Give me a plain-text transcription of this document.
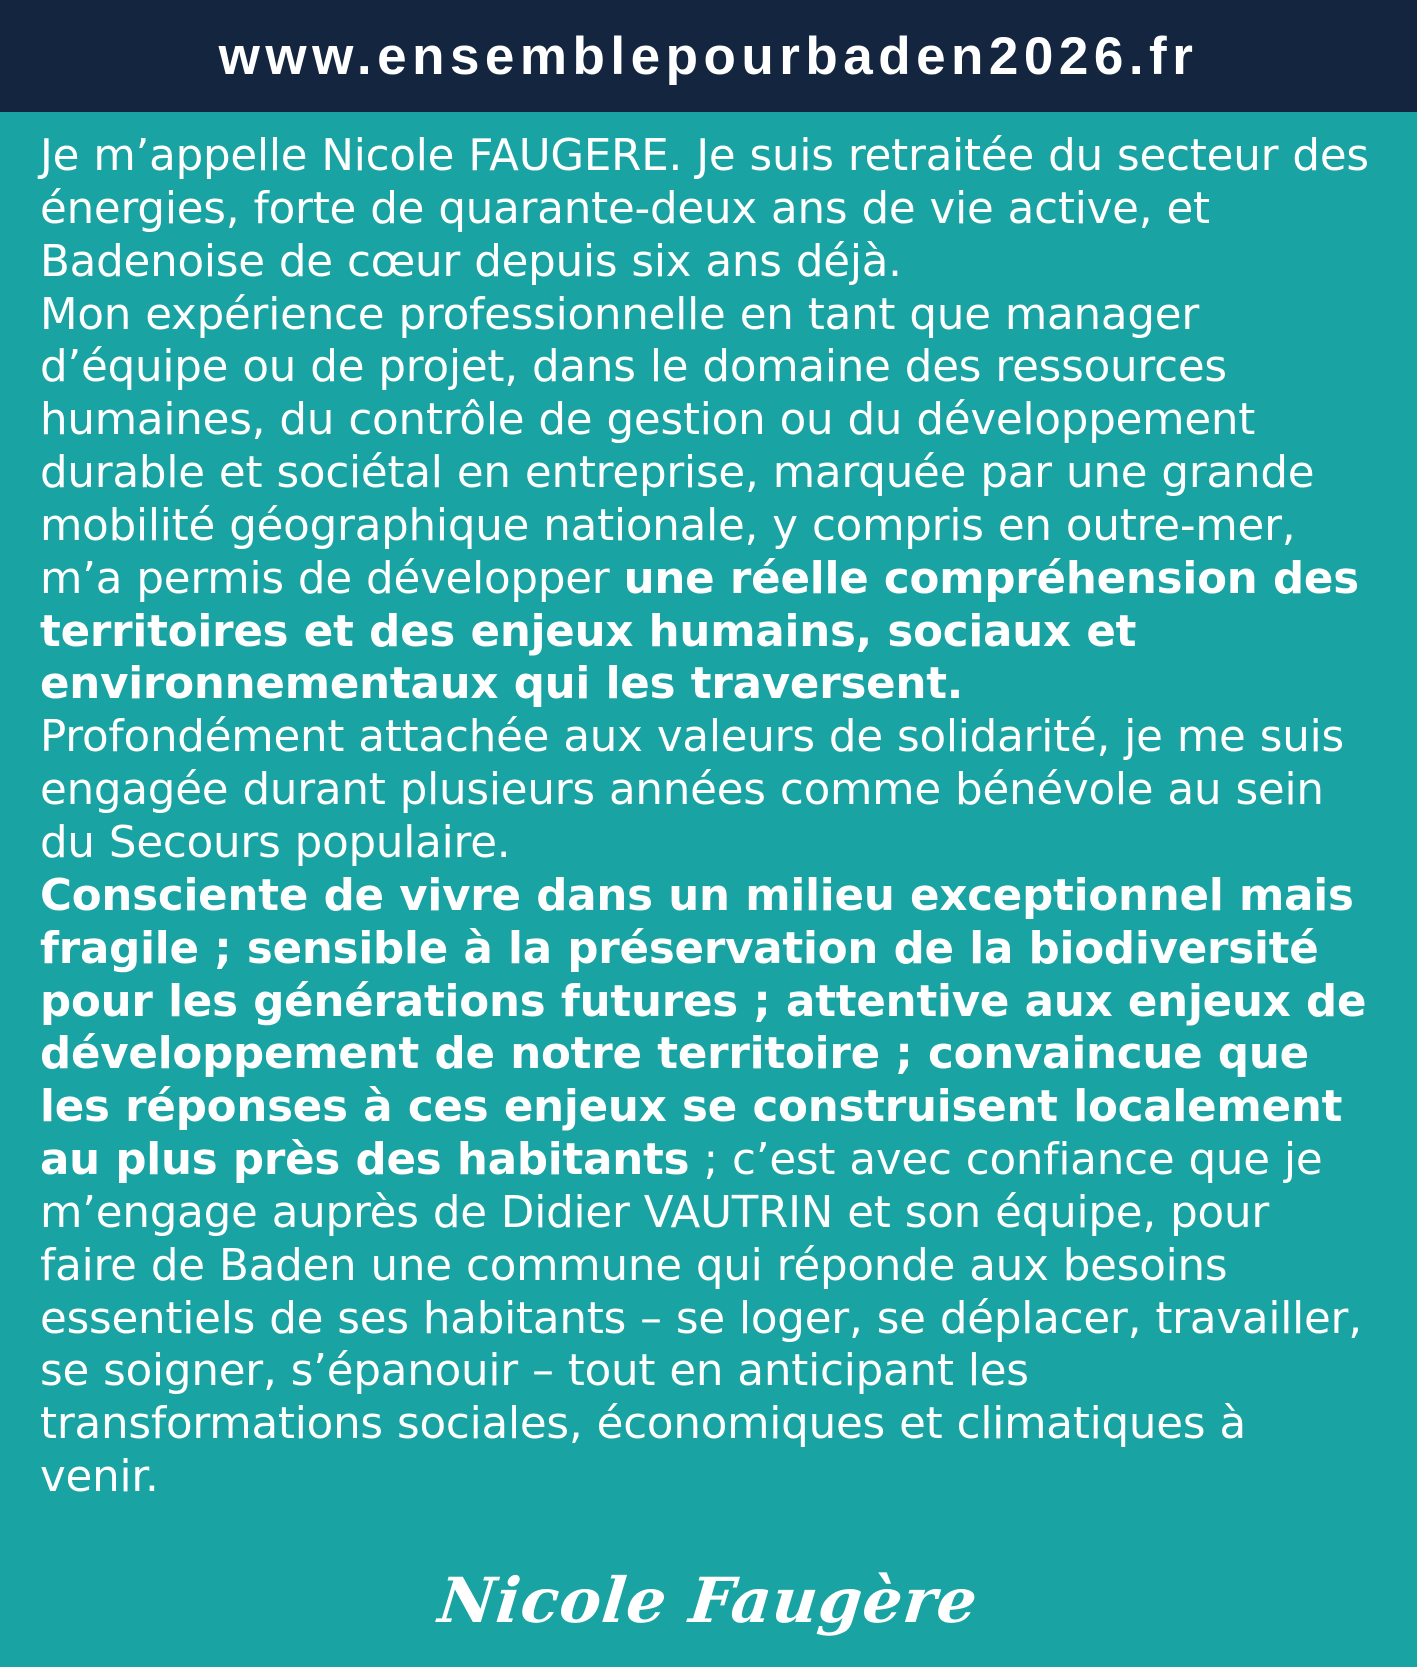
www.ensemblepourbaden2026.fr

Je m’appelle Nicole FAUGERE. Je suis retraitée du secteur des énergies, forte de quarante-deux ans de vie active, et Badenoise de cœur depuis six ans déjà.

Mon expérience professionnelle en tant que manager d’équipe ou de projet, dans le domaine des ressources humaines, du contrôle de gestion ou du développement durable et sociétal en entreprise, marquée par une grande mobilité géographique nationale, y compris en outre-mer, m’a permis de développer une réelle compréhension des territoires et des enjeux humains, sociaux et environnementaux qui les traversent.

Profondément attachée aux valeurs de solidarité, je me suis engagée durant plusieurs années comme bénévole au sein du Secours populaire.

Consciente de vivre dans un milieu exceptionnel mais fragile ; sensible à la préservation de la biodiversité pour les générations futures ; attentive aux enjeux de développement de notre territoire ; convaincue que les réponses à ces enjeux se construisent localement au plus près des habitants ; c’est avec confiance que je m’engage auprès de Didier VAUTRIN et son équipe, pour faire de Baden une commune qui réponde aux besoins essentiels de ses habitants – se loger, se déplacer, travailler, se soigner, s’épanouir – tout en anticipant les transformations sociales, économiques et climatiques à venir.

Nicole Faugère
